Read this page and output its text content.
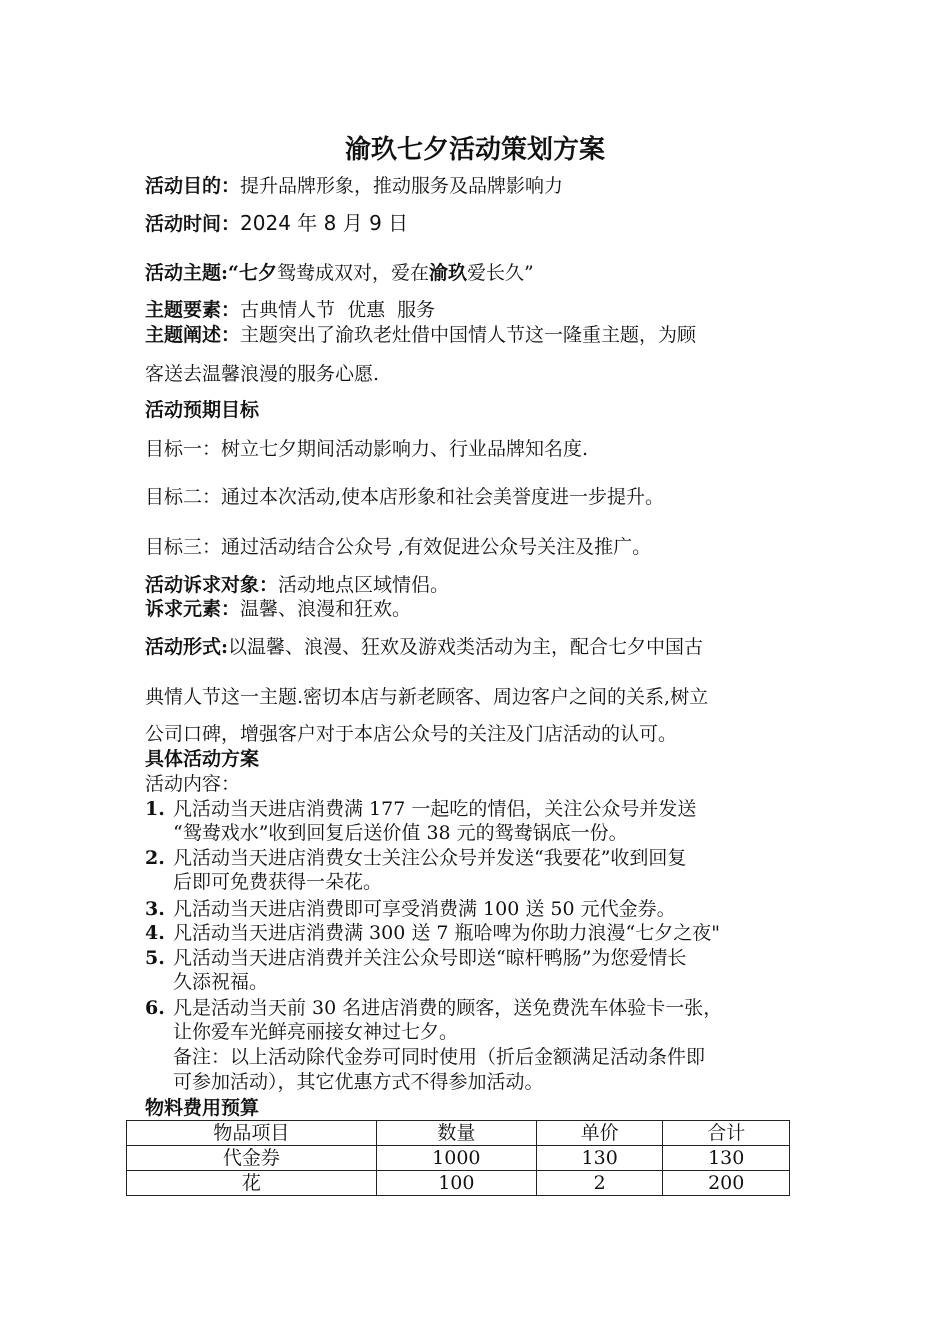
渝玖七夕活动策划方案
活动目的：提升品牌形象，推动服务及品牌影响力
活动时间：2024 年 8 月 9 日
活动主题:“七夕鸳鸯成双对，爱在渝玖爱长久”
主题要素：古典情人节  优惠  服务
主题阐述：主题突出了渝玖老灶借中国情人节这一隆重主题，为顾
客送去温馨浪漫的服务心愿.
活动预期目标
目标一：树立七夕期间活动影响力、行业品牌知名度.
目标二：通过本次活动,使本店形象和社会美誉度进一步提升。
目标三：通过活动结合公众号 ,有效促进公众号关注及推广。
活动诉求对象：活动地点区域情侣。
诉求元素：温馨、浪漫和狂欢。
活动形式:以温馨、浪漫、狂欢及游戏类活动为主，配合七夕中国古
典情人节这一主题.密切本店与新老顾客、周边客户之间的关系,树立
公司口碑，增强客户对于本店公众号的关注及门店活动的认可。
具体活动方案
活动内容：
1. 凡活动当天进店消费满 177 一起吃的情侣，关注公众号并发送
“鸳鸯戏水”收到回复后送价值 38 元的鸳鸯锅底一份。
2. 凡活动当天进店消费女士关注公众号并发送“我要花”收到回复
后即可免费获得一朵花。
3. 凡活动当天进店消费即可享受消费满 100 送 50 元代金券。
4. 凡活动当天进店消费满 300 送 7 瓶哈啤为你助力浪漫“七夕之夜"
5. 凡活动当天进店消费并关注公众号即送“晾杆鸭肠”为您爱情长
久添祝福。
6. 凡是活动当天前 30 名进店消费的顾客，送免费洗车体验卡一张，
让你爱车光鲜亮丽接女神过七夕。
备注：以上活动除代金券可同时使用（折后金额满足活动条件即
可参加活动），其它优惠方式不得参加活动。
物料费用预算
物品项目	数量	单价	合计
代金券	1000	130	130
花	100	2	200
